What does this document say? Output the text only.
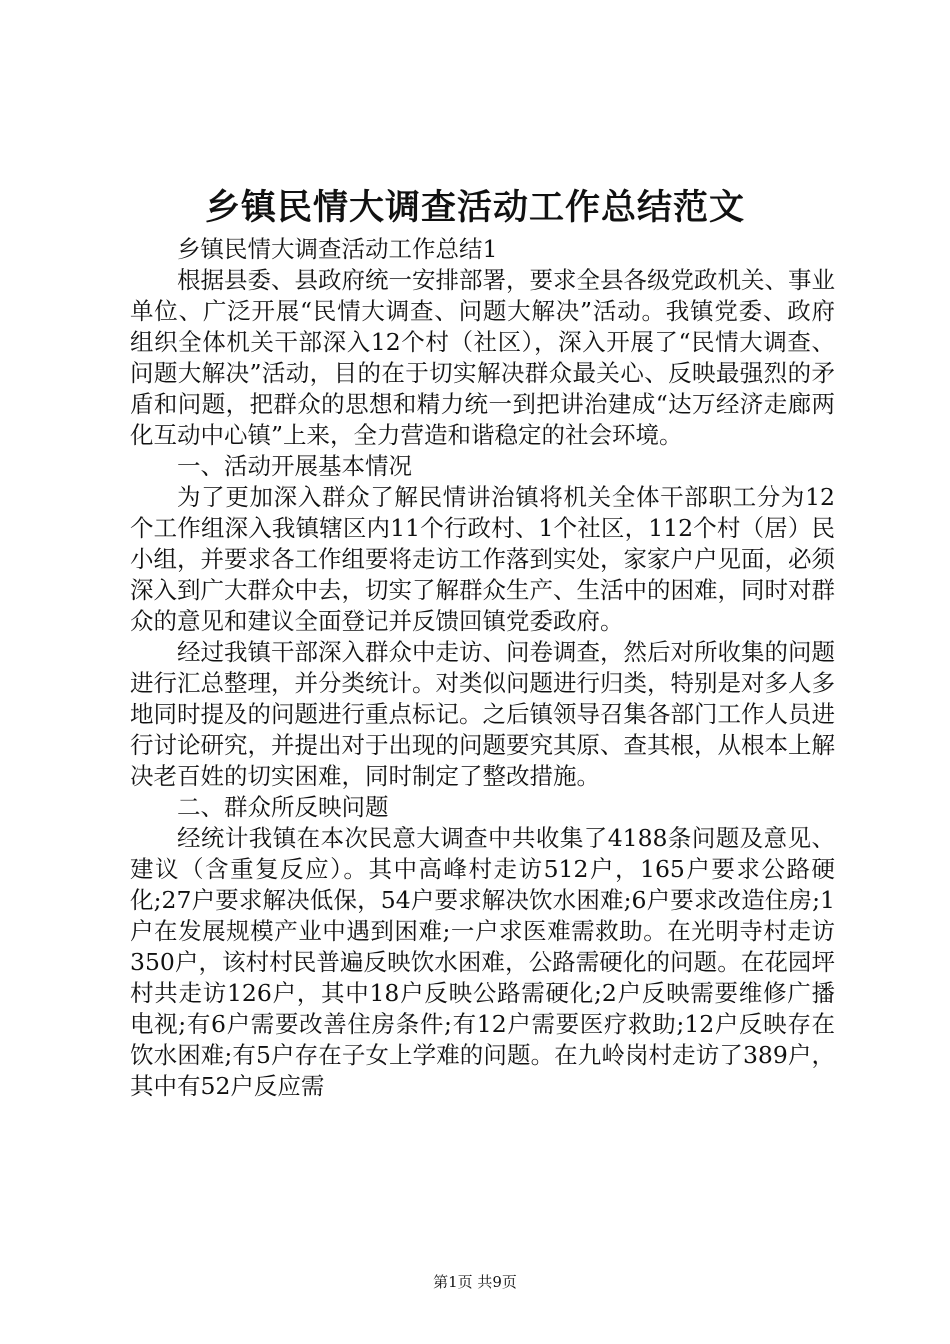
乡镇民情大调查活动工作总结范文

乡镇民情大调查活动工作总结1

根据县委、县政府统一安排部署，要求全县各级党政机关、事业单位、广泛开展“民情大调查、问题大解决”活动。我镇党委、政府组织全体机关干部深入12个村（社区），深入开展了“民情大调查、问题大解决”活动，目的在于切实解决群众最关心、反映最强烈的矛盾和问题，把群众的思想和精力统一到把讲治建成“达万经济走廊两化互动中心镇”上来，全力营造和谐稳定的社会环境。

一、活动开展基本情况

为了更加深入群众了解民情讲治镇将机关全体干部职工分为12个工作组深入我镇辖区内11个行政村、1个社区，112个村（居）民小组，并要求各工作组要将走访工作落到实处，家家户户见面，必须深入到广大群众中去，切实了解群众生产、生活中的困难，同时对群众的意见和建议全面登记并反馈回镇党委政府。

经过我镇干部深入群众中走访、问卷调查，然后对所收集的问题进行汇总整理，并分类统计。对类似问题进行归类，特别是对多人多地同时提及的问题进行重点标记。之后镇领导召集各部门工作人员进行讨论研究，并提出对于出现的问题要究其原、查其根，从根本上解决老百姓的切实困难，同时制定了整改措施。

二、群众所反映问题

经统计我镇在本次民意大调查中共收集了4188条问题及意见、建议（含重复反应）。其中高峰村走访512户，165户要求公路硬化;27户要求解决低保，54户要求解决饮水困难;6户要求改造住房;1户在发展规模产业中遇到困难;一户求医难需救助。在光明寺村走访350户，该村村民普遍反映饮水困难，公路需硬化的问题。在花园坪村共走访126户，其中18户反映公路需硬化;2户反映需要维修广播电视;有6户需要改善住房条件;有12户需要医疗救助;12户反映存在饮水困难;有5户存在子女上学难的问题。在九岭岗村走访了389户，其中有52户反应需

第1页 共9页
